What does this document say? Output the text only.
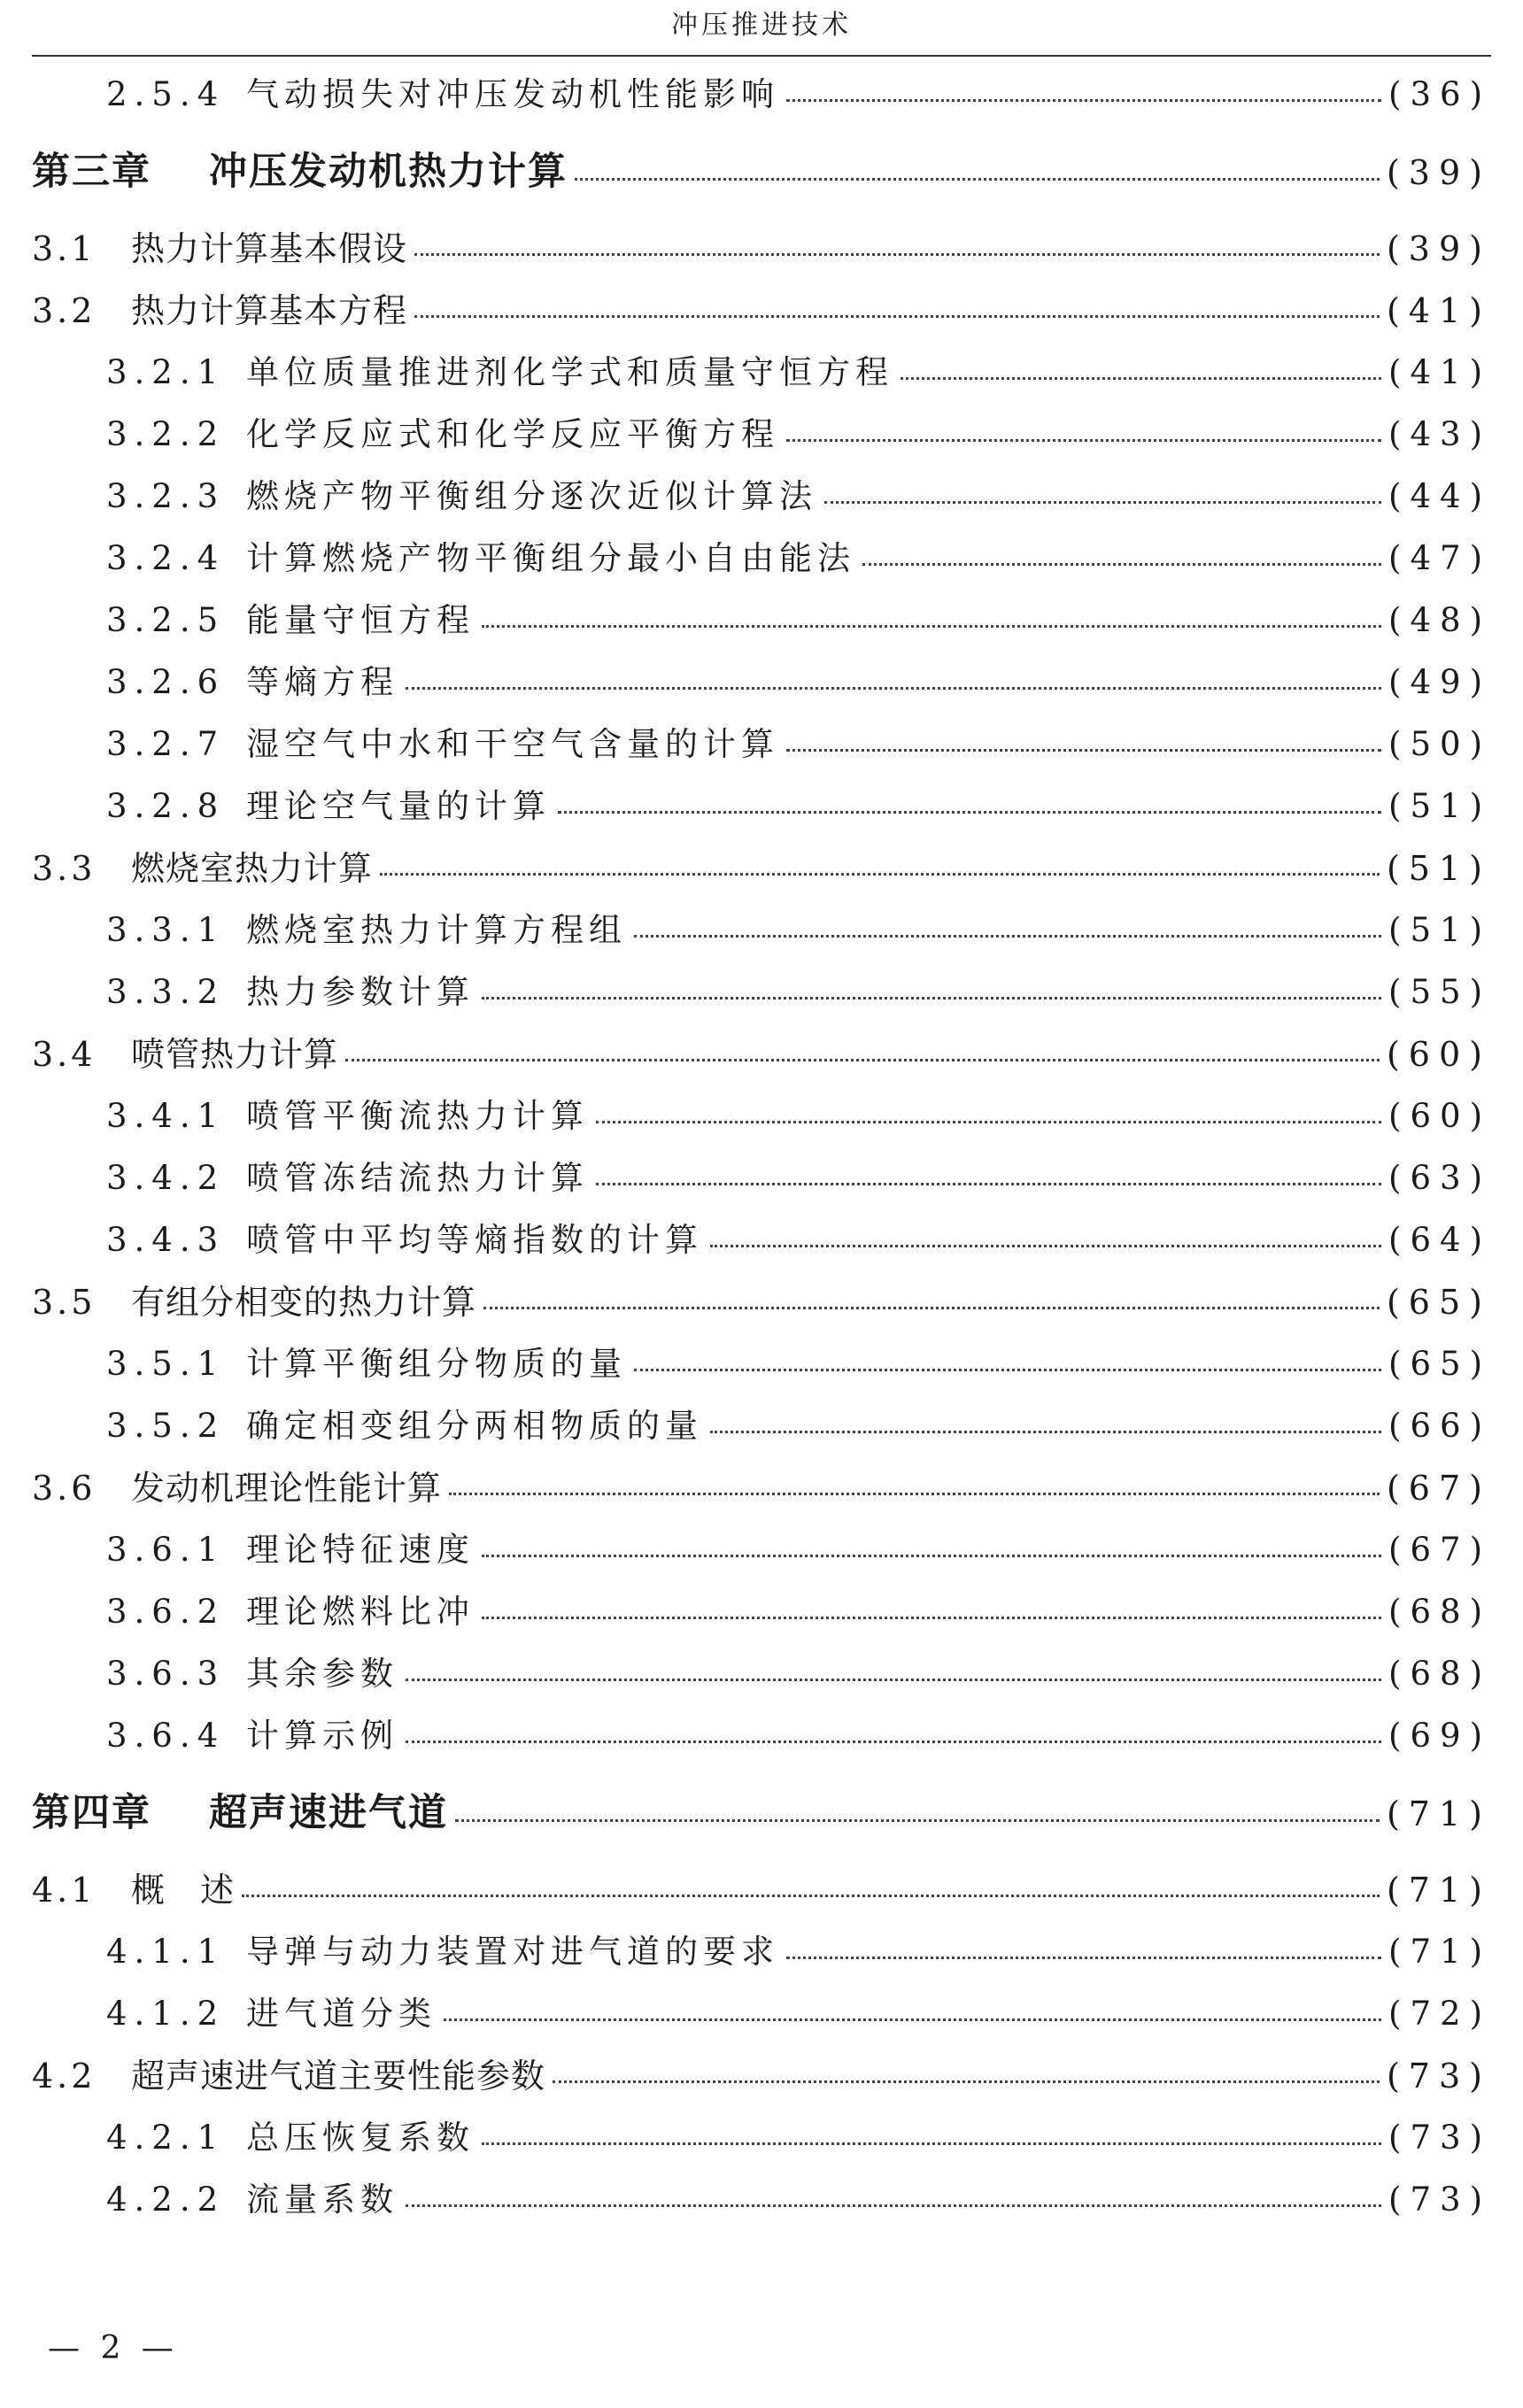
冲压推进技术
2.5.4 气动损失对冲压发动机性能影响	(36)
第三章	冲压发动机热力计算	(39)
3.1	热力计算基本假设	(39)
3.2	热力计算基本方程	(41)
3.2.1 单位质量推进剂化学式和质量守恒方程	(41)
3.2.2 化学反应式和化学反应平衡方程	(43)
3.2.3 燃烧产物平衡组分逐次近似计算法	(44)
3.2.4 计算燃烧产物平衡组分最小自由能法	(47)
3.2.5 能量守恒方程	(48)
3.2.6 等熵方程	(49)
3.2.7 湿空气中水和干空气含量的计算	(50)
3.2.8 理论空气量的计算	(51)
3.3	燃烧室热力计算	(51)
3.3.1 燃烧室热力计算方程组	(51)
3.3.2 热力参数计算	(55)
3.4	喷管热力计算	(60)
3.4.1 喷管平衡流热力计算	(60)
3.4.2 喷管冻结流热力计算	(63)
3.4.3 喷管中平均等熵指数的计算	(64)
3.5	有组分相变的热力计算	(65)
3.5.1 计算平衡组分物质的量	(65)
3.5.2 确定相变组分两相物质的量	(66)
3.6	发动机理论性能计算	(67)
3.6.1 理论特征速度	(67)
3.6.2 理论燃料比冲	(68)
3.6.3 其余参数	(68)
3.6.4 计算示例	(69)
第四章	超声速进气道	(71)
4.1	概　述	(71)
4.1.1 导弹与动力装置对进气道的要求	(71)
4.1.2 进气道分类	(72)
4.2	超声速进气道主要性能参数	(73)
4.2.1 总压恢复系数	(73)
4.2.2 流量系数	(73)
— 2 —
